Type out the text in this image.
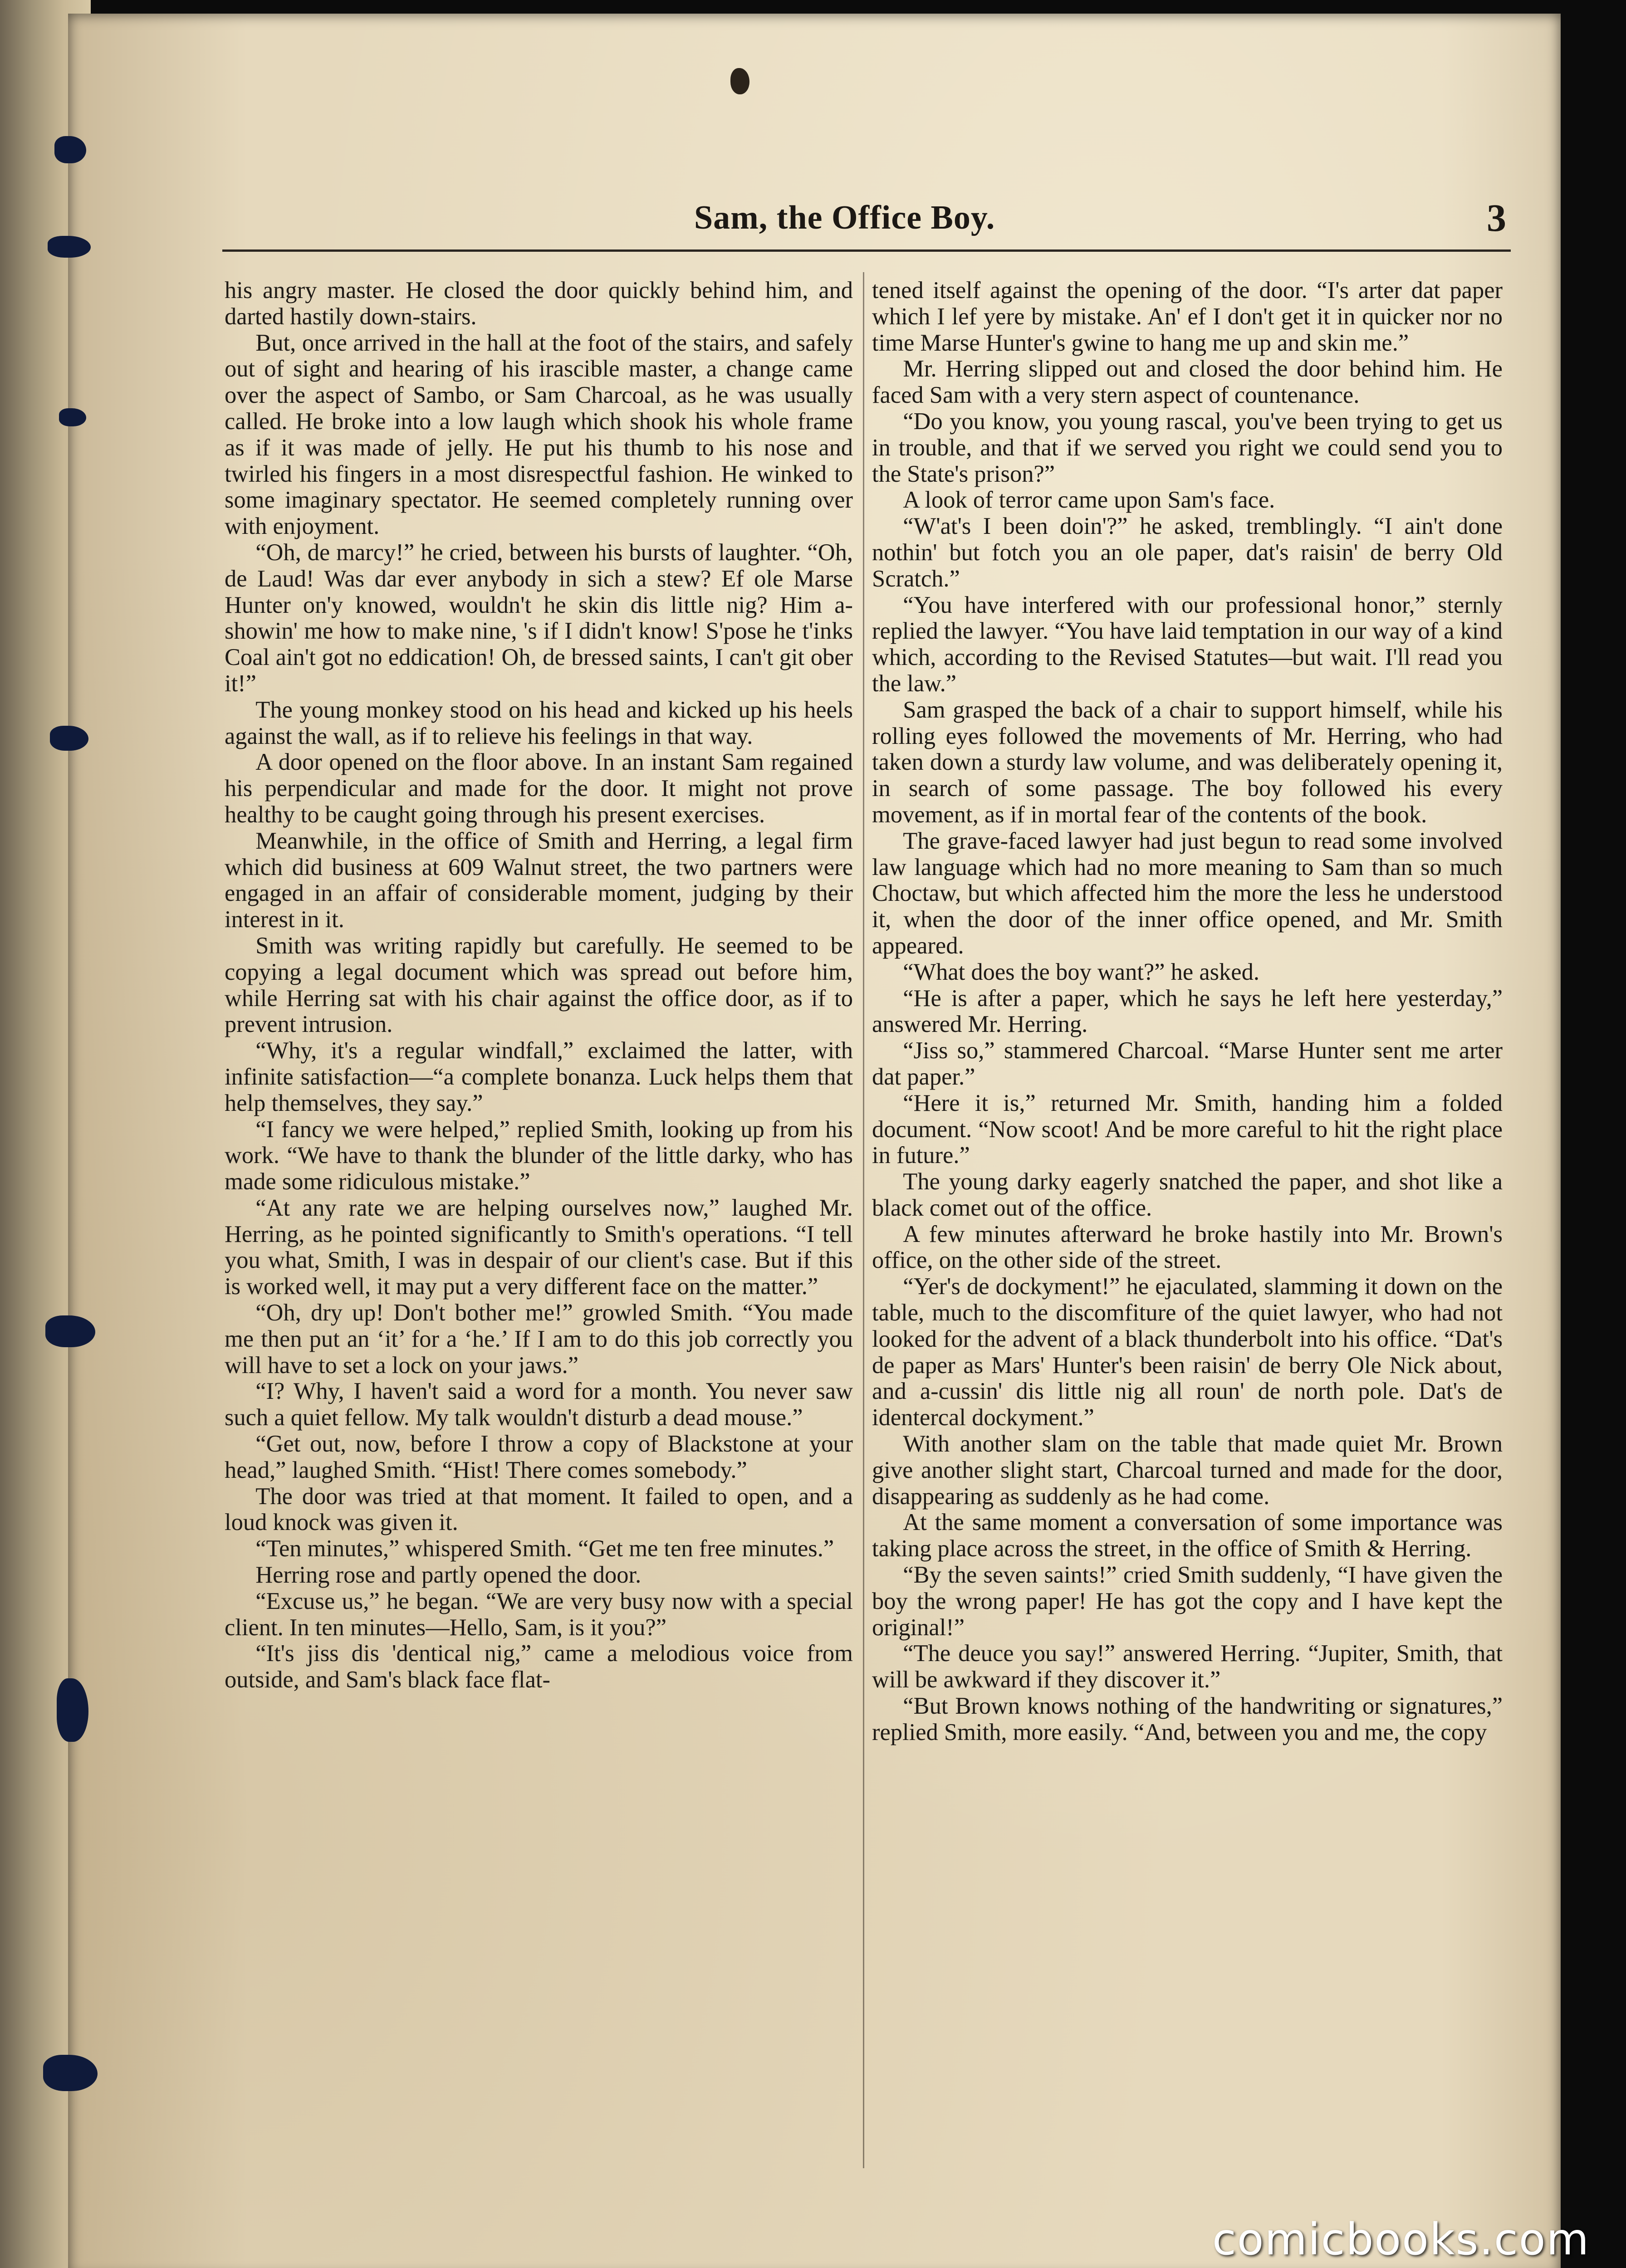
Sam, the Office Boy.	3

his angry master. He closed the door quickly behind him, and darted hastily down-stairs.

But, once arrived in the hall at the foot of the stairs, and safely out of sight and hearing of his irascible master, a change came over the aspect of Sambo, or Sam Charcoal, as he was usually called. He broke into a low laugh which shook his whole frame as if it was made of jelly. He put his thumb to his nose and twirled his fingers in a most disrespectful fashion. He winked to some imaginary spectator. He seemed completely running over with enjoyment.

“Oh, de marcy!” he cried, between his bursts of laughter. “Oh, de Laud! Was dar ever anybody in sich a stew? Ef ole Marse Hunter on'y knowed, wouldn't he skin dis little nig? Him a-showin' me how to make nine, 's if I didn't know! S'pose he t'inks Coal ain't got no eddication! Oh, de bressed saints, I can't git ober it!”

The young monkey stood on his head and kicked up his heels against the wall, as if to relieve his feelings in that way.

A door opened on the floor above. In an instant Sam regained his perpendicular and made for the door. It might not prove healthy to be caught going through his present exercises.

Meanwhile, in the office of Smith and Herring, a legal firm which did business at 609 Walnut street, the two partners were engaged in an affair of considerable moment, judging by their interest in it.

Smith was writing rapidly but carefully. He seemed to be copying a legal document which was spread out before him, while Herring sat with his chair against the office door, as if to prevent intrusion.

“Why, it's a regular windfall,” exclaimed the latter, with infinite satisfaction—“a complete bonanza. Luck helps them that help themselves, they say.”

“I fancy we were helped,” replied Smith, looking up from his work. “We have to thank the blunder of the little darky, who has made some ridiculous mistake.”

“At any rate we are helping ourselves now,” laughed Mr. Herring, as he pointed significantly to Smith's operations. “I tell you what, Smith, I was in despair of our client's case. But if this is worked well, it may put a very different face on the matter.”

“Oh, dry up! Don't bother me!” growled Smith. “You made me then put an ‘it’ for a ‘he.’ If I am to do this job correctly you will have to set a lock on your jaws.”

“I? Why, I haven't said a word for a month. You never saw such a quiet fellow. My talk wouldn't disturb a dead mouse.”

“Get out, now, before I throw a copy of Blackstone at your head,” laughed Smith. “Hist! There comes somebody.”

The door was tried at that moment. It failed to open, and a loud knock was given it.

“Ten minutes,” whispered Smith. “Get me ten free minutes.”

Herring rose and partly opened the door.

“Excuse us,” he began. “We are very busy now with a special client. In ten minutes—Hello, Sam, is it you?”

“It's jiss dis 'dentical nig,” came a melodious voice from outside, and Sam's black face flat-

tened itself against the opening of the door. “I's arter dat paper which I lef yere by mistake. An' ef I don't get it in quicker nor no time Marse Hunter's gwine to hang me up and skin me.”

Mr. Herring slipped out and closed the door behind him. He faced Sam with a very stern aspect of countenance.

“Do you know, you young rascal, you've been trying to get us in trouble, and that if we served you right we could send you to the State's prison?”

A look of terror came upon Sam's face.

“W'at's I been doin'?” he asked, tremblingly. “I ain't done nothin' but fotch you an ole paper, dat's raisin' de berry Old Scratch.”

“You have interfered with our professional honor,” sternly replied the lawyer. “You have laid temptation in our way of a kind which, according to the Revised Statutes—but wait. I'll read you the law.”

Sam grasped the back of a chair to support himself, while his rolling eyes followed the movements of Mr. Herring, who had taken down a sturdy law volume, and was deliberately opening it, in search of some passage. The boy followed his every movement, as if in mortal fear of the contents of the book.

The grave-faced lawyer had just begun to read some involved law language which had no more meaning to Sam than so much Choctaw, but which affected him the more the less he understood it, when the door of the inner office opened, and Mr. Smith appeared.

“What does the boy want?” he asked.

“He is after a paper, which he says he left here yesterday,” answered Mr. Herring.

“Jiss so,” stammered Charcoal. “Marse Hunter sent me arter dat paper.”

“Here it is,” returned Mr. Smith, handing him a folded document. “Now scoot! And be more careful to hit the right place in future.”

The young darky eagerly snatched the paper, and shot like a black comet out of the office.

A few minutes afterward he broke hastily into Mr. Brown's office, on the other side of the street.

“Yer's de dockyment!” he ejaculated, slamming it down on the table, much to the discomfiture of the quiet lawyer, who had not looked for the advent of a black thunderbolt into his office. “Dat's de paper as Mars' Hunter's been raisin' de berry Ole Nick about, and a-cussin' dis little nig all roun' de north pole. Dat's de identercal dockyment.”

With another slam on the table that made quiet Mr. Brown give another slight start, Charcoal turned and made for the door, disappearing as suddenly as he had come.

At the same moment a conversation of some importance was taking place across the street, in the office of Smith & Herring.

“By the seven saints!” cried Smith suddenly, “I have given the boy the wrong paper! He has got the copy and I have kept the original!”

“The deuce you say!” answered Herring. “Jupiter, Smith, that will be awkward if they discover it.”

“But Brown knows nothing of the handwriting or signatures,” replied Smith, more easily. “And, between you and me, the copy

comicbooks.com
